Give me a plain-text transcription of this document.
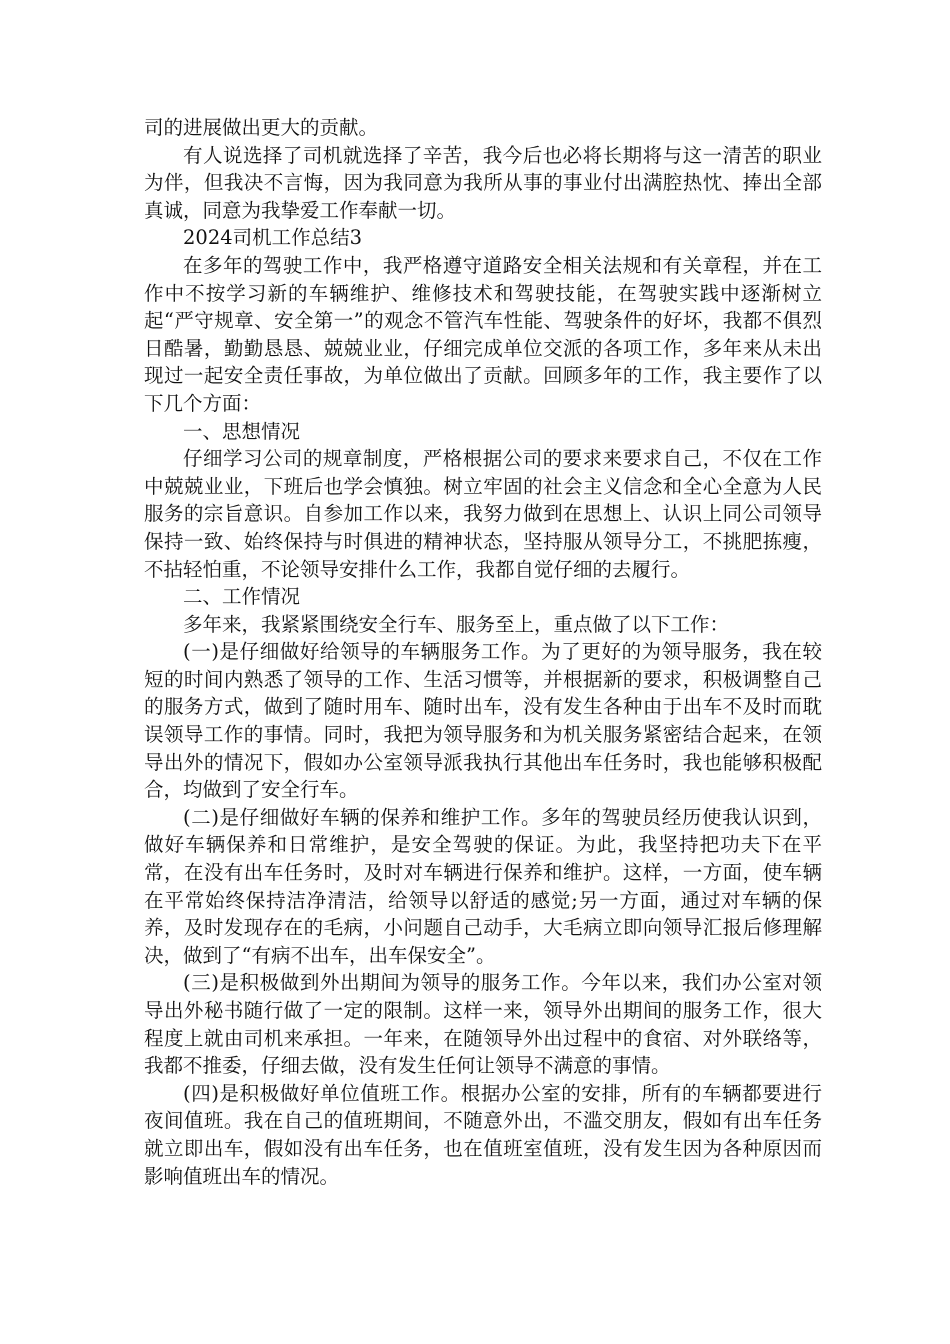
司的进展做出更大的贡献。

有人说选择了司机就选择了辛苦，我今后也必将长期将与这一清苦的职业为伴，但我决不言悔，因为我同意为我所从事的事业付出满腔热忱、捧出全部真诚，同意为我挚爱工作奉献一切。

2024司机工作总结3

在多年的驾驶工作中，我严格遵守道路安全相关法规和有关章程，并在工作中不按学习新的车辆维护、维修技术和驾驶技能，在驾驶实践中逐渐树立起“严守规章、安全第一”的观念不管汽车性能、驾驶条件的好坏，我都不俱烈日酷暑，勤勤恳恳、兢兢业业，仔细完成单位交派的各项工作，多年来从未出现过一起安全责任事故，为单位做出了贡献。回顾多年的工作，我主要作了以下几个方面：

一、思想情况

仔细学习公司的规章制度，严格根据公司的要求来要求自己，不仅在工作中兢兢业业，下班后也学会慎独。树立牢固的社会主义信念和全心全意为人民服务的宗旨意识。自参加工作以来，我努力做到在思想上、认识上同公司领导保持一致、始终保持与时俱进的精神状态，坚持服从领导分工，不挑肥拣瘦，不拈轻怕重，不论领导安排什么工作，我都自觉仔细的去履行。

二、工作情况

多年来，我紧紧围绕安全行车、服务至上，重点做了以下工作：

(一)是仔细做好给领导的车辆服务工作。为了更好的为领导服务，我在较短的时间内熟悉了领导的工作、生活习惯等，并根据新的要求，积极调整自己的服务方式，做到了随时用车、随时出车，没有发生各种由于出车不及时而耽误领导工作的事情。同时，我把为领导服务和为机关服务紧密结合起来，在领导出外的情况下，假如办公室领导派我执行其他出车任务时，我也能够积极配合，均做到了安全行车。

(二)是仔细做好车辆的保养和维护工作。多年的驾驶员经历使我认识到，做好车辆保养和日常维护，是安全驾驶的保证。为此，我坚持把功夫下在平常，在没有出车任务时，及时对车辆进行保养和维护。这样，一方面，使车辆在平常始终保持洁净清洁，给领导以舒适的感觉;另一方面，通过对车辆的保养，及时发现存在的毛病，小问题自己动手，大毛病立即向领导汇报后修理解决，做到了“有病不出车，出车保安全”。

(三)是积极做到外出期间为领导的服务工作。今年以来，我们办公室对领导出外秘书随行做了一定的限制。这样一来，领导外出期间的服务工作，很大程度上就由司机来承担。一年来，在随领导外出过程中的食宿、对外联络等，我都不推委，仔细去做，没有发生任何让领导不满意的事情。

(四)是积极做好单位值班工作。根据办公室的安排，所有的车辆都要进行夜间值班。我在自己的值班期间，不随意外出，不滥交朋友，假如有出车任务就立即出车，假如没有出车任务，也在值班室值班，没有发生因为各种原因而影响值班出车的情况。
